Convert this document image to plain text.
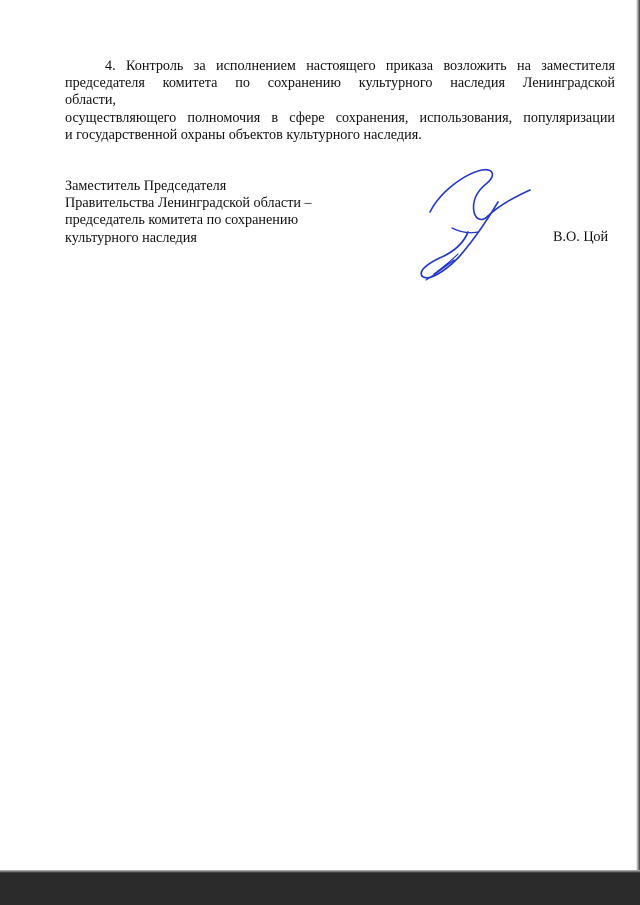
4. Контроль за исполнением настоящего приказа возложить на заместителя
председателя комитета по сохранению культурного наследия Ленинградской
области,
осуществляющего полномочия в сфере сохранения, использования, популяризации
и государственной охраны объектов культурного наследия.
Заместитель Председателя
Правительства Ленинградской области –
председатель комитета по сохранению
культурного наследия	В.О. Цой
